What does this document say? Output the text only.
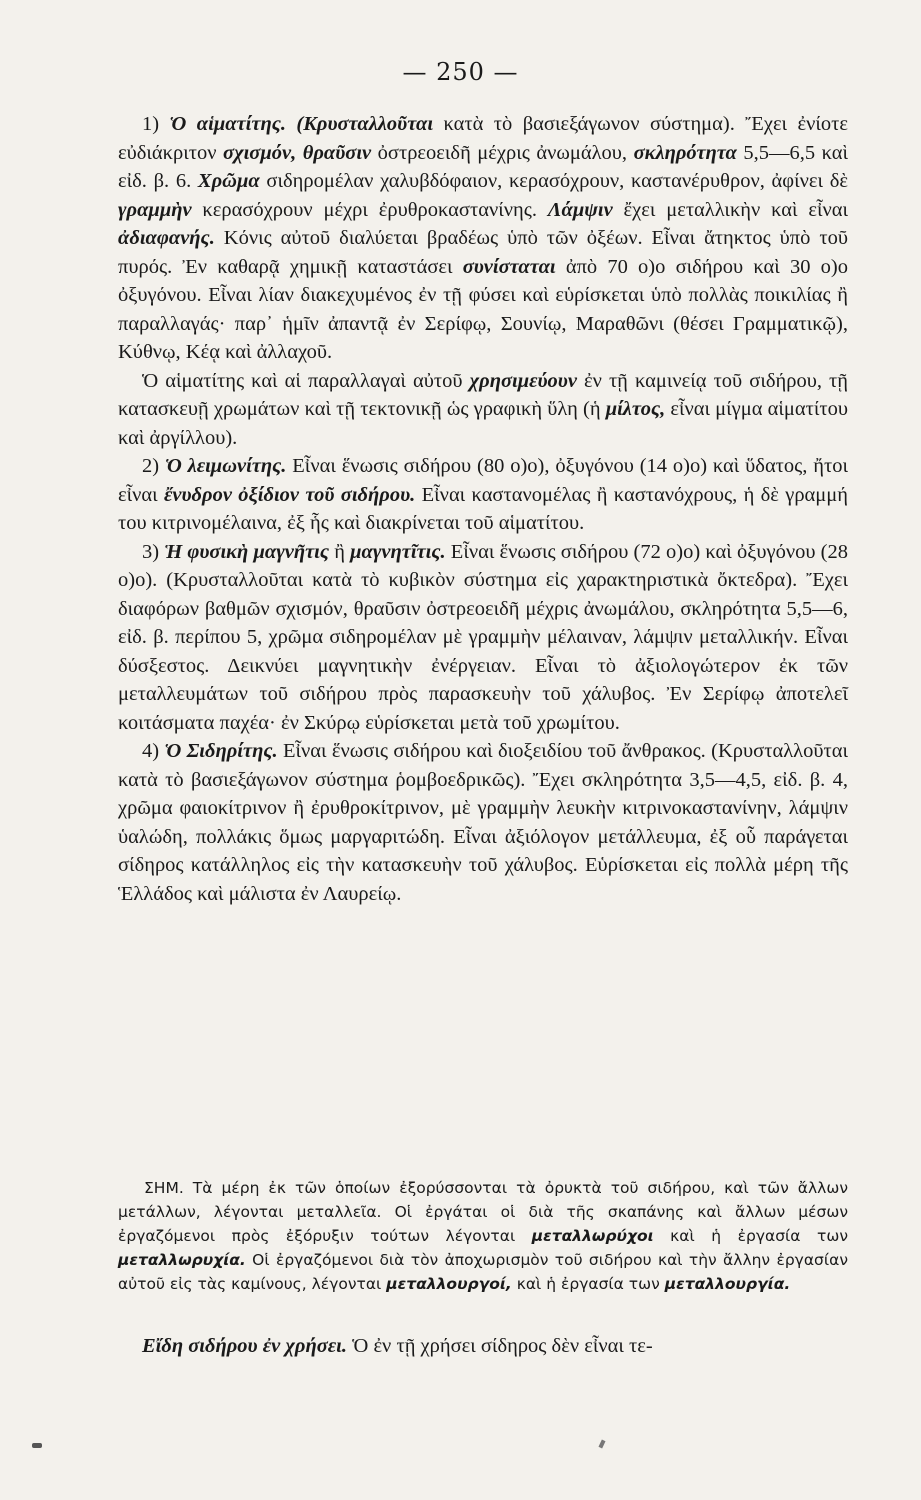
— 250 —

1) Ὁ αἱματίτης. (Κρυσταλλοῦται κατὰ τὸ βασιεξάγωνον σύστημα). Ἔχει ἐνίοτε εὐδιάκριτον σχισμόν, θραῦσιν ὀστρεοειδῆ μέχρις ἀνωμάλου, σκληρότητα 5,5—6,5 καὶ εἰδ. β. 6. Χρῶμα σιδηρομέλαν χαλυβδόφαιον, κερασόχρουν, καστανέρυθρον, ἀφίνει δὲ γραμμὴν κερασόχρουν μέχρι ἐρυθροκαστανίνης. Λάμψιν ἔχει μεταλλικὴν καὶ εἶναι ἀδιαφανής. Κόνις αὐτοῦ διαλύεται βραδέως ὑπὸ τῶν ὀξέων. Εἶναι ἄτηκτος ὑπὸ τοῦ πυρός. Ἐν καθαρᾷ χημικῇ καταστάσει συνίσταται ἀπὸ 70 ο)ο σιδήρου καὶ 30 ο)ο ὀξυγόνου. Εἶναι λίαν διακεχυμένος ἐν τῇ φύσει καὶ εὑρίσκεται ὑπὸ πολλὰς ποικιλίας ἢ παραλλαγάς· παρ᾽ ἡμῖν ἀπαντᾷ ἐν Σερίφῳ, Σουνίῳ, Μαραθῶνι (θέσει Γραμματικῷ), Κύθνῳ, Κέᾳ καὶ ἀλλαχοῦ.

Ὁ αἱματίτης καὶ αἱ παραλλαγαὶ αὐτοῦ χρησιμεύουν ἐν τῇ καμινείᾳ τοῦ σιδήρου, τῇ κατασκευῇ χρωμάτων καὶ τῇ τεκτονικῇ ὡς γραφικὴ ὕλη (ἡ μίλτος, εἶναι μίγμα αἱματίτου καὶ ἀργίλλου).

2) Ὁ λειμωνίτης. Εἶναι ἕνωσις σιδήρου (80 ο)ο), ὀξυγόνου (14 ο)ο) καὶ ὕδατος, ἤτοι εἶναι ἔνυδρον ὀξίδιον τοῦ σιδήρου. Εἶναι καστανομέλας ἢ καστανόχρους, ἡ δὲ γραμμή του κιτρινομέλαινα, ἐξ ἧς καὶ διακρίνεται τοῦ αἱματίτου.

3) Ἡ φυσικὴ μαγνῆτις ἢ μαγνητῖτις. Εἶναι ἕνωσις σιδήρου (72 ο)ο) καὶ ὀξυγόνου (28 ο)ο). (Κρυσταλλοῦται κατὰ τὸ κυβικὸν σύστημα εἰς χαρακτηριστικὰ ὄκτεδρα). Ἔχει διαφόρων βαθμῶν σχισμόν, θραῦσιν ὀστρεοειδῆ μέχρις ἀνωμάλου, σκληρότητα 5,5—6, εἰδ. β. περίπου 5, χρῶμα σιδηρομέλαν μὲ γραμμὴν μέλαιναν, λάμψιν μεταλλικήν. Εἶναι δύσξεστος. Δεικνύει μαγνητικὴν ἐνέργειαν. Εἶναι τὸ ἀξιολογώτερον ἐκ τῶν μεταλλευμάτων τοῦ σιδήρου πρὸς παρασκευὴν τοῦ χάλυβος. Ἐν Σερίφῳ ἀποτελεῖ κοιτάσματα παχέα· ἐν Σκύρῳ εὑρίσκεται μετὰ τοῦ χρωμίτου.

4) Ὁ Σιδηρίτης. Εἶναι ἕνωσις σιδήρου καὶ διοξειδίου τοῦ ἄνθρακος. (Κρυσταλλοῦται κατὰ τὸ βασιεξάγωνον σύστημα ῥομβοεδρικῶς). Ἔχει σκληρότητα 3,5—4,5, εἰδ. β. 4, χρῶμα φαιοκίτρινον ἢ ἐρυθροκίτρινον, μὲ γραμμὴν λευκὴν κιτρινοκαστανίνην, λάμψιν ὑαλώδη, πολλάκις ὅμως μαργαριτώδη. Εἶναι ἀξιόλογον μετάλλευμα, ἐξ οὗ παράγεται σίδηρος κατάλληλος εἰς τὴν κατασκευὴν τοῦ χάλυβος. Εὑρίσκεται εἰς πολλὰ μέρη τῆς Ἑλλάδος καὶ μάλιστα ἐν Λαυρείῳ.

ΣΗΜ. Τὰ μέρη ἐκ τῶν ὁποίων ἐξορύσσονται τὰ ὀρυκτὰ τοῦ σιδήρου, καὶ τῶν ἄλλων μετάλλων, λέγονται μεταλλεῖα. Οἱ ἐργάται οἱ διὰ τῆς σκαπάνης καὶ ἄλλων μέσων ἐργαζόμενοι πρὸς ἐξόρυξιν τούτων λέγονται μεταλλωρύχοι καὶ ἡ ἐργασία των μεταλλωρυχία. Οἱ ἐργαζόμενοι διὰ τὸν ἀποχωρισμὸν τοῦ σιδήρου καὶ τὴν ἄλλην ἐργασίαν αὐτοῦ εἰς τὰς καμίνους, λέγονται μεταλλουργοί, καὶ ἡ ἐργασία των μεταλλουργία.

Εἴδη σιδήρου ἐν χρήσει. Ὁ ἐν τῇ χρήσει σίδηρος δὲν εἶναι τε-
